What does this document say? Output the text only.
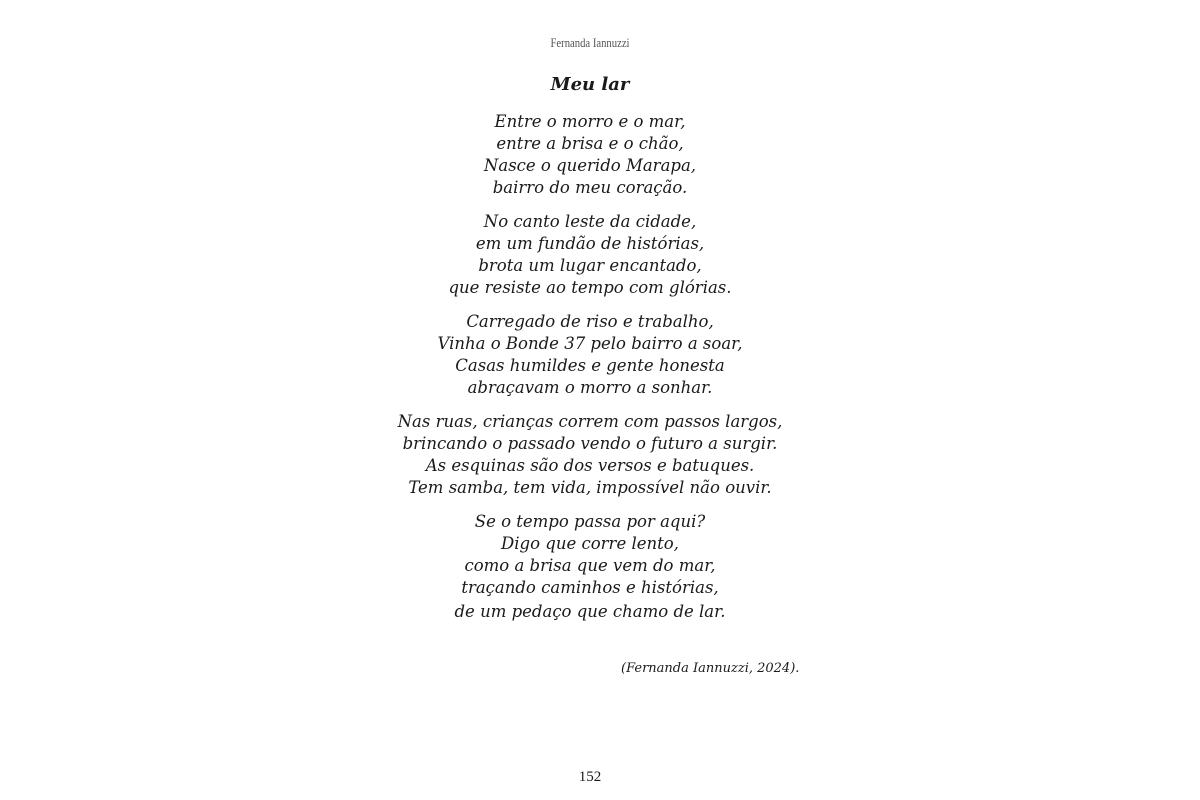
Fernanda Iannuzzi
Meu lar
Entre o morro e o mar,
entre a brisa e o chão,
Nasce o querido Marapa,
bairro do meu coração.
No canto leste da cidade,
em um fundão de histórias,
brota um lugar encantado,
que resiste ao tempo com glórias.
Carregado de riso e trabalho,
Vinha o Bonde 37 pelo bairro a soar,
Casas humildes e gente honesta
abraçavam o morro a sonhar.
Nas ruas, crianças correm com passos largos,
brincando o passado vendo o futuro a surgir.
As esquinas são dos versos e batuques.
Tem samba, tem vida, impossível não ouvir.
Se o tempo passa por aqui?
Digo que corre lento,
como a brisa que vem do mar,
traçando caminhos e histórias,
de um pedaço que chamo de lar.
(Fernanda Iannuzzi, 2024).
152
